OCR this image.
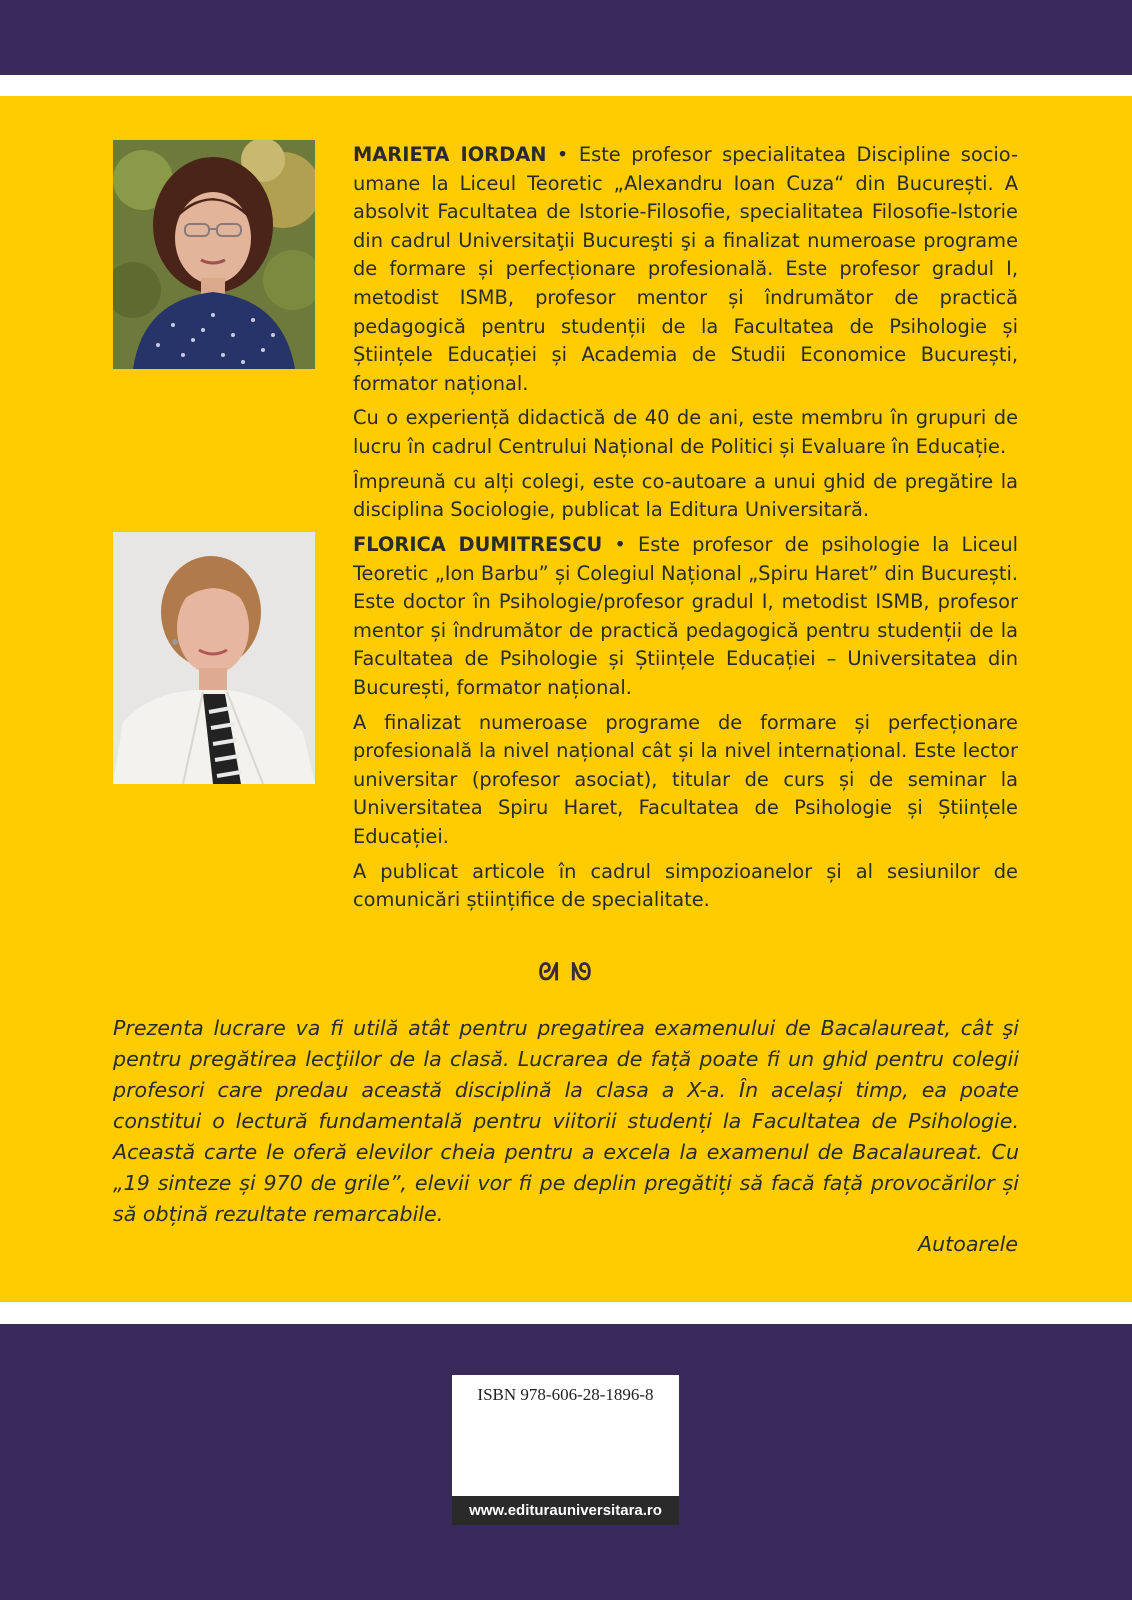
MARIETA IORDAN • Este profesor specialitatea Discipline socio-umane la Liceul Teoretic „Alexandru Ioan Cuza“ din București. A absolvit Facultatea de Istorie-Filosofie, specialitatea Filosofie-Istorie din cadrul Universitaţii Bucureşti şi a finalizat numeroase programe de formare și perfecționare profesională. Este profesor gradul I, metodist ISMB, profesor mentor și îndrumător de practică pedagogică pentru studenții de la Facultatea de Psihologie și Științele Educației și Academia de Studii Economice București, formator național.

Cu o experiență didactică de 40 de ani, este membru în grupuri de lucru în cadrul Centrului Național de Politici și Evaluare în Educație.

Împreună cu alți colegi, este co-autoare a unui ghid de pregătire la disciplina Sociologie, publicat la Editura Universitară.

FLORICA DUMITRESCU • Este profesor de psihologie la Liceul Teoretic „Ion Barbu” și Colegiul Național „Spiru Haret” din București. Este doctor în Psihologie/profesor gradul I, metodist ISMB, profesor mentor și îndrumător de practică pedagogică pentru studenții de la Facultatea de Psihologie și Științele Educației – Universitatea din București, formator național.

A finalizat numeroase programe de formare și perfecționare profesională la nivel național cât și la nivel internațional. Este lector universitar (profesor asociat), titular de curs și de seminar la Universitatea Spiru Haret, Facultatea de Psihologie și Științele Educației.

A publicat articole în cadrul simpozioanelor și al sesiunilor de comunicări științifice de specialitate.

ᘛ ᘚ

Prezenta lucrare va fi utilă atât pentru pregatirea examenului de Bacalaureat, cât şi pentru pregătirea lecţiilor de la clasă. Lucrarea de față poate fi un ghid pentru colegii profesori care predau această disciplină la clasa a X-a. În același timp, ea poate constitui o lectură fundamentală pentru viitorii studenți la Facultatea de Psihologie. Această carte le oferă elevilor cheia pentru a excela la examenul de Bacalaureat. Cu „19 sinteze și 970 de grile”, elevii vor fi pe deplin pregătiți să facă față provocărilor și să obțină rezultate remarcabile.

Autoarele
ISBN 978-606-28-1896-8
www.editurauniversitara.ro
